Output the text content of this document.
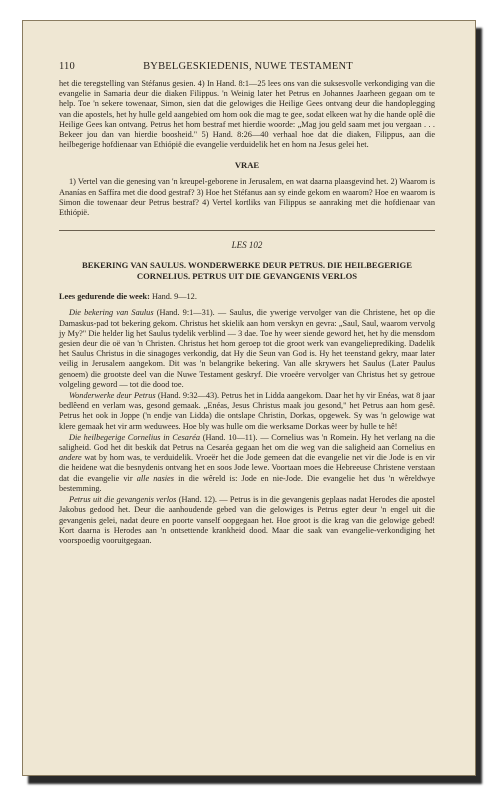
110	BYBELGESKIEDENIS, NUWE TESTAMENT

het die teregstelling van Stéfanus gesien. 4) In Hand. 8:1—25 lees ons van die suksesvolle verkondiging van die evangelie in Samaria deur die diaken Filippus. 'n Weinig later het Petrus en Johannes Jaarheen gegaan om te help. Toe 'n sekere towenaar, Simon, sien dat die gelowiges die Heilige Gees ontvang deur die handoplegging van die apostels, het hy hulle geld aangebied om hom ook die mag te gee, sodat elkeen wat hy die hande oplê die Heilige Gees kan ontvang. Petrus het hom bestraf met hierdie woorde: „Mag jou geld saam met jou vergaan . . . Bekeer jou dan van hierdie boosheid." 5) Hand. 8:26—40 verhaal hoe dat die diaken, Filippus, aan die heilbegerige hofdienaar van Ethiópië die evangelie verduidelik het en hom na Jesus gelei het.

VRAE

1) Vertel van die genesing van 'n kreupel-geborene in Jerusalem, en wat daarna plaasgevind het. 2) Waarom is Ananías en Saffíra met die dood gestraf? 3) Hoe het Stéfanus aan sy einde gekom en waarom? Hoe en waarom is Simon die towenaar deur Petrus bestraf? 4) Vertel kortliks van Filippus se aanraking met die hofdienaar van Ethiópië.

LES 102
BEKERING VAN SAULUS. WONDERWERKE DEUR PETRUS. DIE HEILBEGERIGE CORNELIUS. PETRUS UIT DIE GEVANGENIS VERLOS

Lees gedurende die week: Hand. 9—12.

Die bekering van Saulus (Hand. 9:1—31). — Saulus, die ywerige vervolger van die Christene, het op die Damaskus-pad tot bekering gekom. Christus het skielik aan hom verskyn en gevra: „Saul, Saul, waarom vervolg jy My?" Die helder lig het Saulus tydelik verblind — 3 dae. Toe hy weer siende geword het, het hy die mensdom gesien deur die oë van 'n Christen. Christus het hom geroep tot die groot werk van evangelieprediking. Dadelik het Saulus Christus in die sinagoges verkondig, dat Hy die Seun van God is. Hy het teenstand gekry, maar later veilig in Jerusalem aangekom. Dit was 'n belangrike bekering. Van alle skrywers het Saulus (Later Paulus genoem) die grootste deel van die Nuwe Testament geskryf. Die vroeëre vervolger van Christus het sy getroue volgeling geword — tot die dood toe.

Wonderwerke deur Petrus (Hand. 9:32—43). Petrus het in Lidda aangekom. Daar het hy vir Enéas, wat 8 jaar bedlêend en verlam was, gesond gemaak. „Enéas, Jesus Christus maak jou gesond," het Petrus aan hom gesê. Petrus het ook in Joppe ('n endje van Lidda) die ontslape Christin, Dorkas, opgewek. Sy was 'n gelowige wat klere gemaak het vir arm weduwees. Hoe bly was hulle om die werksame Dorkas weer by hulle te hê!

Die heilbegerige Cornelius in Cesaréa (Hand. 10—11). — Cornelius was 'n Romein. Hy het verlang na die saligheid. God het dit beskik dat Petrus na Cesaréa gegaan het om die weg van die saligheid aan Cornelius en andere wat by hom was, te verduidelik. Vroeër het die Jode gemeen dat die evangelie net vir die Jode is en vir die heidene wat die besnydenis ontvang het en soos Jode lewe. Voortaan moes die Hebreeuse Christene verstaan dat die evangelie vir alle nasies in die wêreld is: Jode en nie-Jode. Die evangelie het dus 'n wêreldwye bestemming.

Petrus uit die gevangenis verlos (Hand. 12). — Petrus is in die gevangenis geplaas nadat Herodes die apostel Jakobus gedood het. Deur die aanhoudende gebed van die gelowiges is Petrus egter deur 'n engel uit die gevangenis gelei, nadat deure en poorte vanself oopgegaan het. Hoe groot is die krag van die gelowige gebed! Kort daarna is Herodes aan 'n ontsettende krankheid dood. Maar die saak van evangelie-verkondiging het voorspoedig vooruitgegaan.
